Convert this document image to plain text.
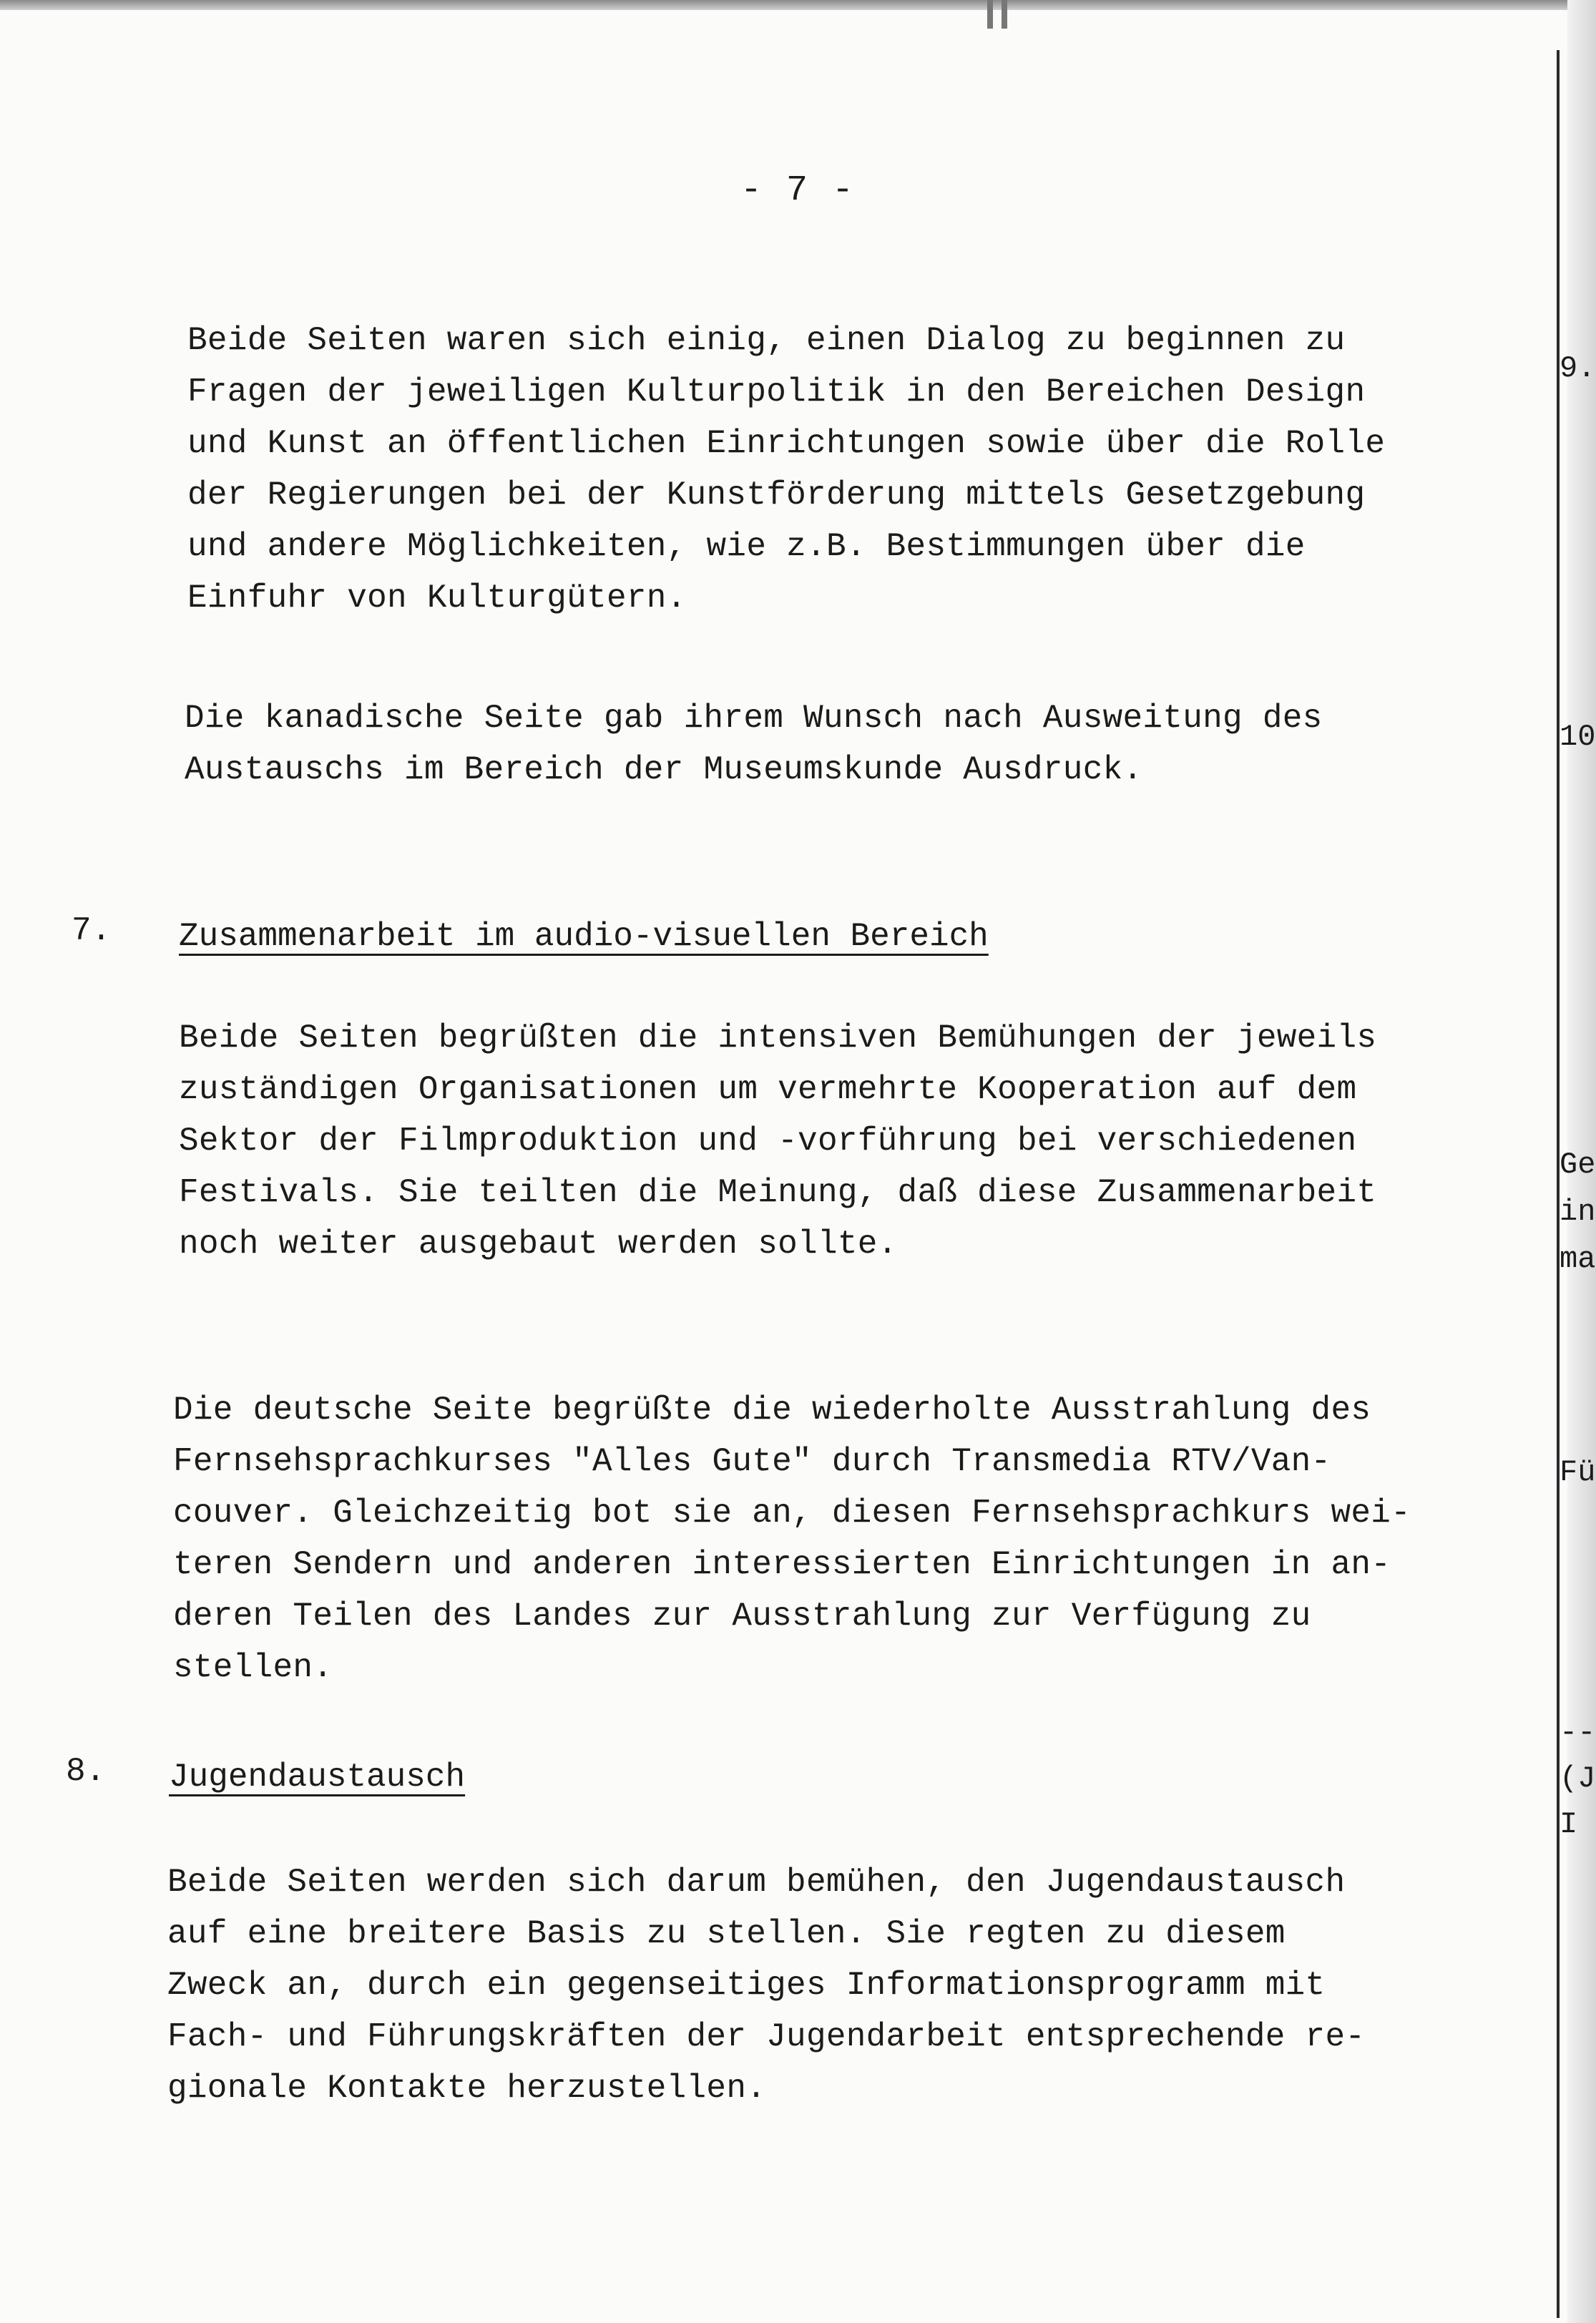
- 7 -
Beide Seiten waren sich einig, einen Dialog zu beginnen zu
Fragen der jeweiligen Kulturpolitik in den Bereichen Design
und Kunst an öffentlichen Einrichtungen sowie über die Rolle
der Regierungen bei der Kunstförderung mittels Gesetzgebung
und andere Möglichkeiten, wie z.B. Bestimmungen über die
Einfuhr von Kulturgütern.
Die kanadische Seite gab ihrem Wunsch nach Ausweitung des
Austauschs im Bereich der Museumskunde Ausdruck.
7. Zusammenarbeit im audio-visuellen Bereich
Beide Seiten begrüßten die intensiven Bemühungen der jeweils
zuständigen Organisationen um vermehrte Kooperation auf dem
Sektor der Filmproduktion und -vorführung bei verschiedenen
Festivals. Sie teilten die Meinung, daß diese Zusammenarbeit
noch weiter ausgebaut werden sollte.
Die deutsche Seite begrüßte die wiederholte Ausstrahlung des
Fernsehsprachkurses "Alles Gute" durch Transmedia RTV/Van-
couver. Gleichzeitig bot sie an, diesen Fernsehsprachkurs wei-
teren Sendern und anderen interessierten Einrichtungen in an-
deren Teilen des Landes zur Ausstrahlung zur Verfügung zu
stellen.
8. Jugendaustausch
Beide Seiten werden sich darum bemühen, den Jugendaustausch
auf eine breitere Basis zu stellen. Sie regten zu diesem
Zweck an, durch ein gegenseitiges Informationsprogramm mit
Fach- und Führungskräften der Jugendarbeit entsprechende re-
gionale Kontakte herzustellen.
9.
10
Ge
in
ma
Fü
--
(J
I
